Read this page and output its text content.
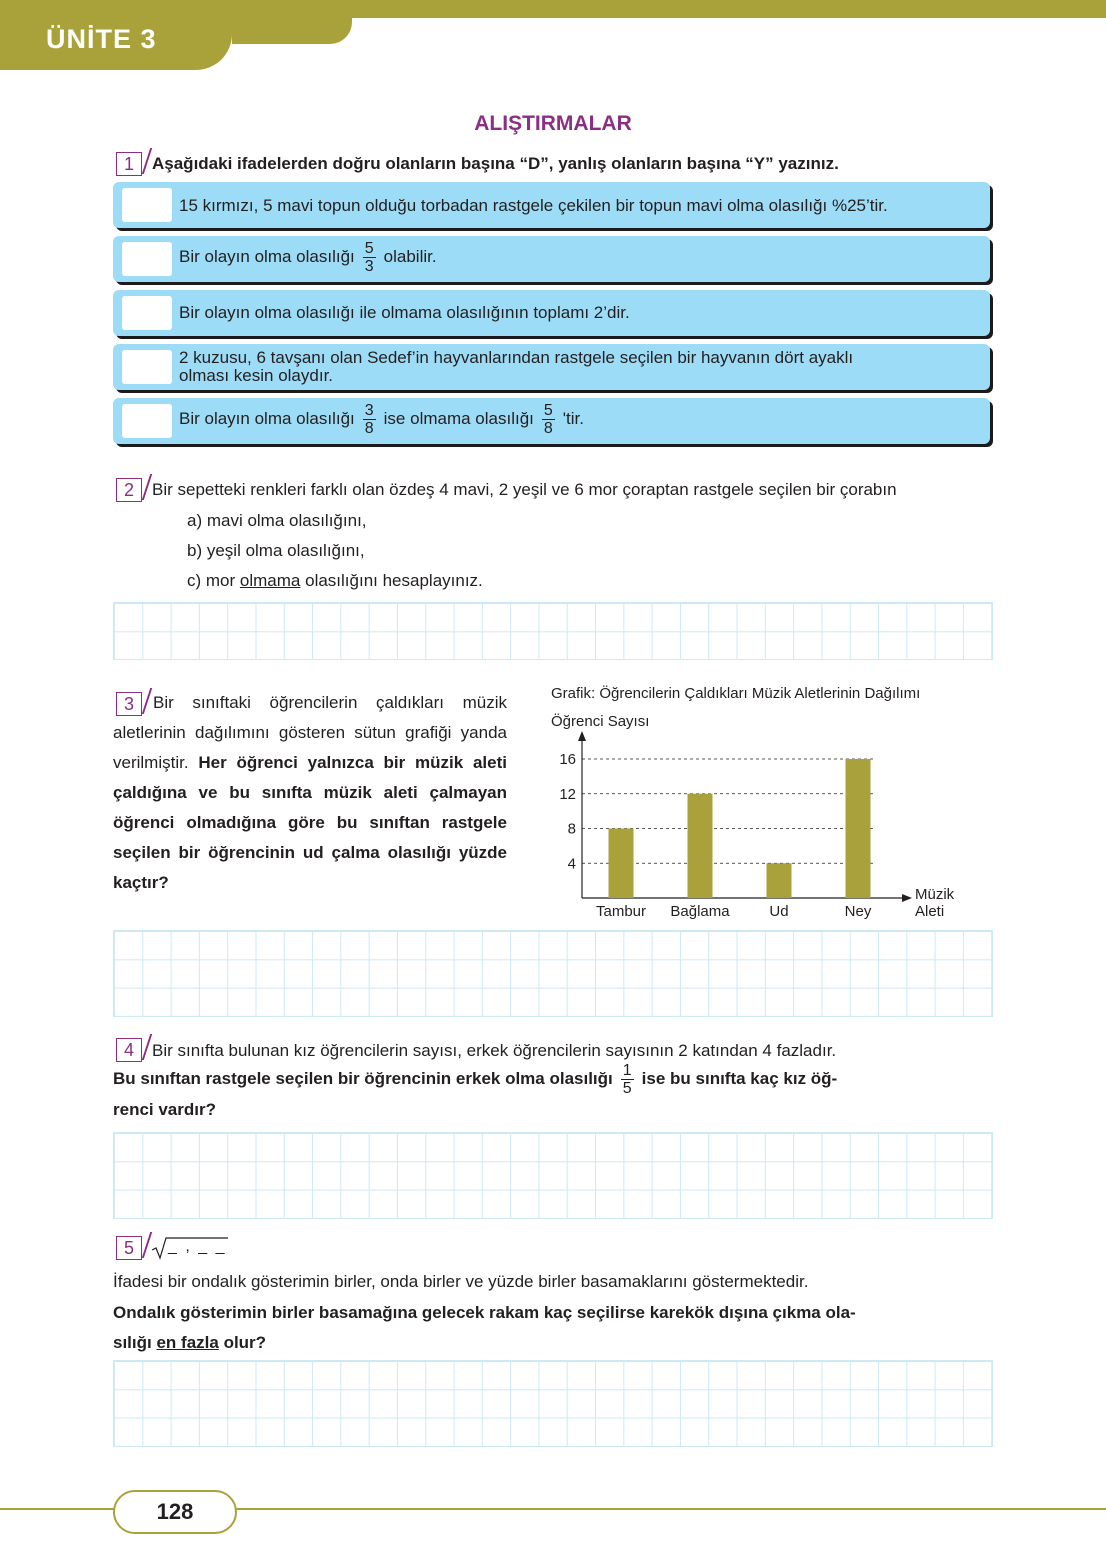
ÜNİTE 3
ALIŞTIRMALAR
1	Aşağıdaki ifadelerden doğru olanların başına “D”, yanlış olanların başına “Y” yazınız.
15 kırmızı, 5 mavi topun olduğu torbadan rastgele çekilen bir topun mavi olma olasılığı %25’tir.
Bir olayın olma olasılığı $\frac{5}{3}$ olabilir.
Bir olayın olma olasılığı ile olmama olasılığının toplamı 2’dir.
2 kuzusu, 6 tavşanı olan Sedef’in hayvanlarından rastgele seçilen bir hayvanın dört ayaklı
olması kesin olaydır.
Bir olayın olma olasılığı $\frac{3}{8}$ ise olmama olasılığı $\frac{5}{8}$ 'tir.
2	Bir sepetteki renkleri farklı olan özdeş 4 mavi, 2 yeşil ve 6 mor çoraptan rastgele seçilen bir çorabın
a) mavi olma olasılığını,
b) yeşil olma olasılığını,
c) mor olmama olasılığını hesaplayınız.
3	Bir sınıftaki öğrencilerin çaldıkları müzik aletlerinin dağılımını gösteren sütun grafiği yanda verilmiştir. Her öğrenci yalnızca bir müzik aleti çaldığına ve bu sınıfta müzik aleti çalmayan öğrenci olmadığına göre bu sınıftan rastgele seçilen bir öğrencinin ud çalma olasılığı yüzde kaçtır?
Grafik: Öğrencilerin Çaldıkları Müzik Aletlerinin Dağılımı
Öğrenci Sayısı
4
8
12
16
Tambur Bağlama	Ud	Ney
Müzik
Aleti
4	Bir sınıfta bulunan kız öğrencilerin sayısı, erkek öğrencilerin sayısının 2 katından 4 fazladır.
Bu sınıftan rastgele seçilen bir öğrencinin erkek olma olasılığı $\frac{1}{5}$ ise bu sınıfta kaç kız öğ-
renci vardır?
5	_ , _ _
İfadesi bir ondalık gösterimin birler, onda birler ve yüzde birler basamaklarını göstermektedir.
Ondalık gösterimin birler basamağına gelecek rakam kaç seçilirse karekök dışına çıkma ola-
sılığı en fazla olur?
128
